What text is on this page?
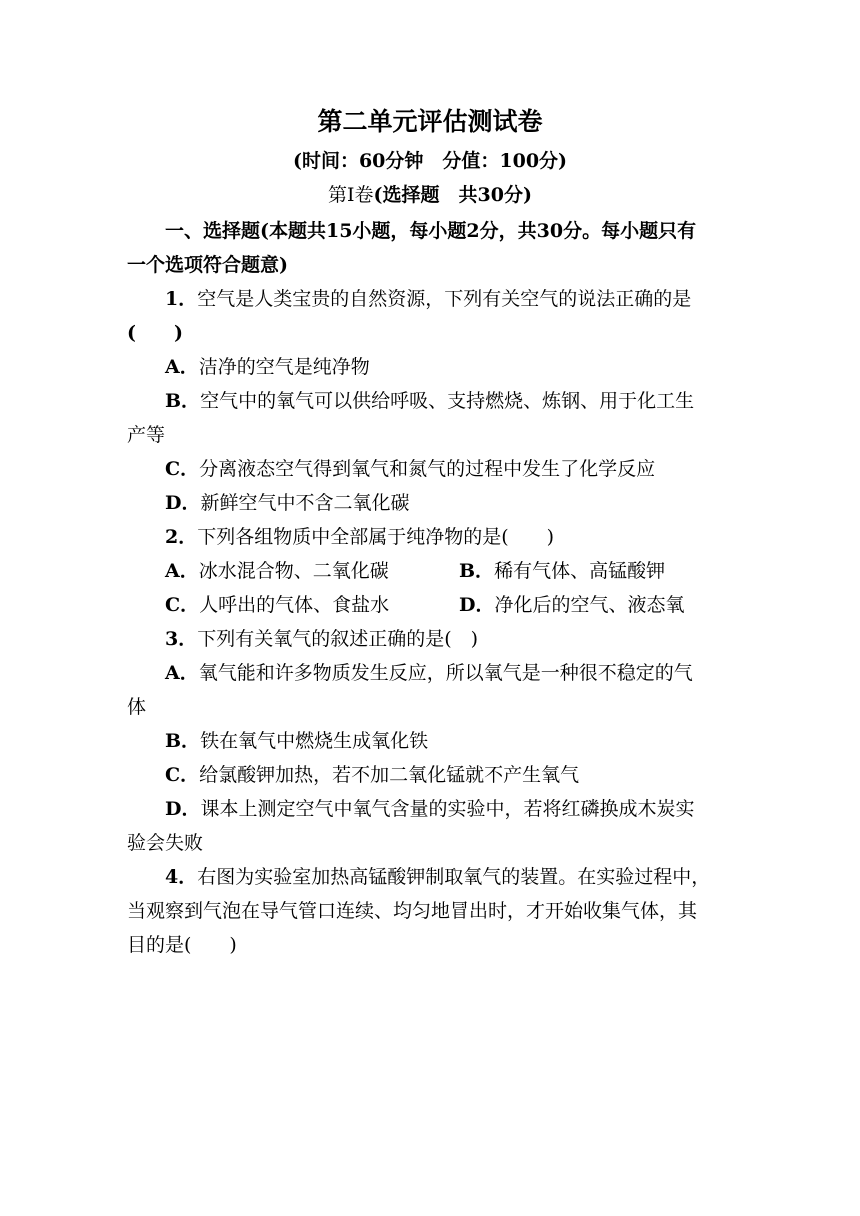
第二单元评估测试卷
(时间：60分钟　分值：100分)
第Ⅰ卷(选择题　共30分)
一、选择题(本题共15小题，每小题2分，共30分。每小题只有
一个选项符合题意)
1．空气是人类宝贵的自然资源，下列有关空气的说法正确的是
(　　)
A．洁净的空气是纯净物
B．空气中的氧气可以供给呼吸、支持燃烧、炼钢、用于化工生
产等
C．分离液态空气得到氧气和氮气的过程中发生了化学反应
D．新鲜空气中不含二氧化碳
2．下列各组物质中全部属于纯净物的是(　　)
A．冰水混合物、二氧化碳	B．稀有气体、高锰酸钾
C．人呼出的气体、食盐水	D．净化后的空气、液态氧
3．下列有关氧气的叙述正确的是(　)
A．氧气能和许多物质发生反应，所以氧气是一种很不稳定的气
体
B．铁在氧气中燃烧生成氧化铁
C．给氯酸钾加热，若不加二氧化锰就不产生氧气
D．课本上测定空气中氧气含量的实验中，若将红磷换成木炭实
验会失败
4．右图为实验室加热高锰酸钾制取氧气的装置。在实验过程中，
当观察到气泡在导气管口连续、均匀地冒出时，才开始收集气体，其
目的是(　　)
